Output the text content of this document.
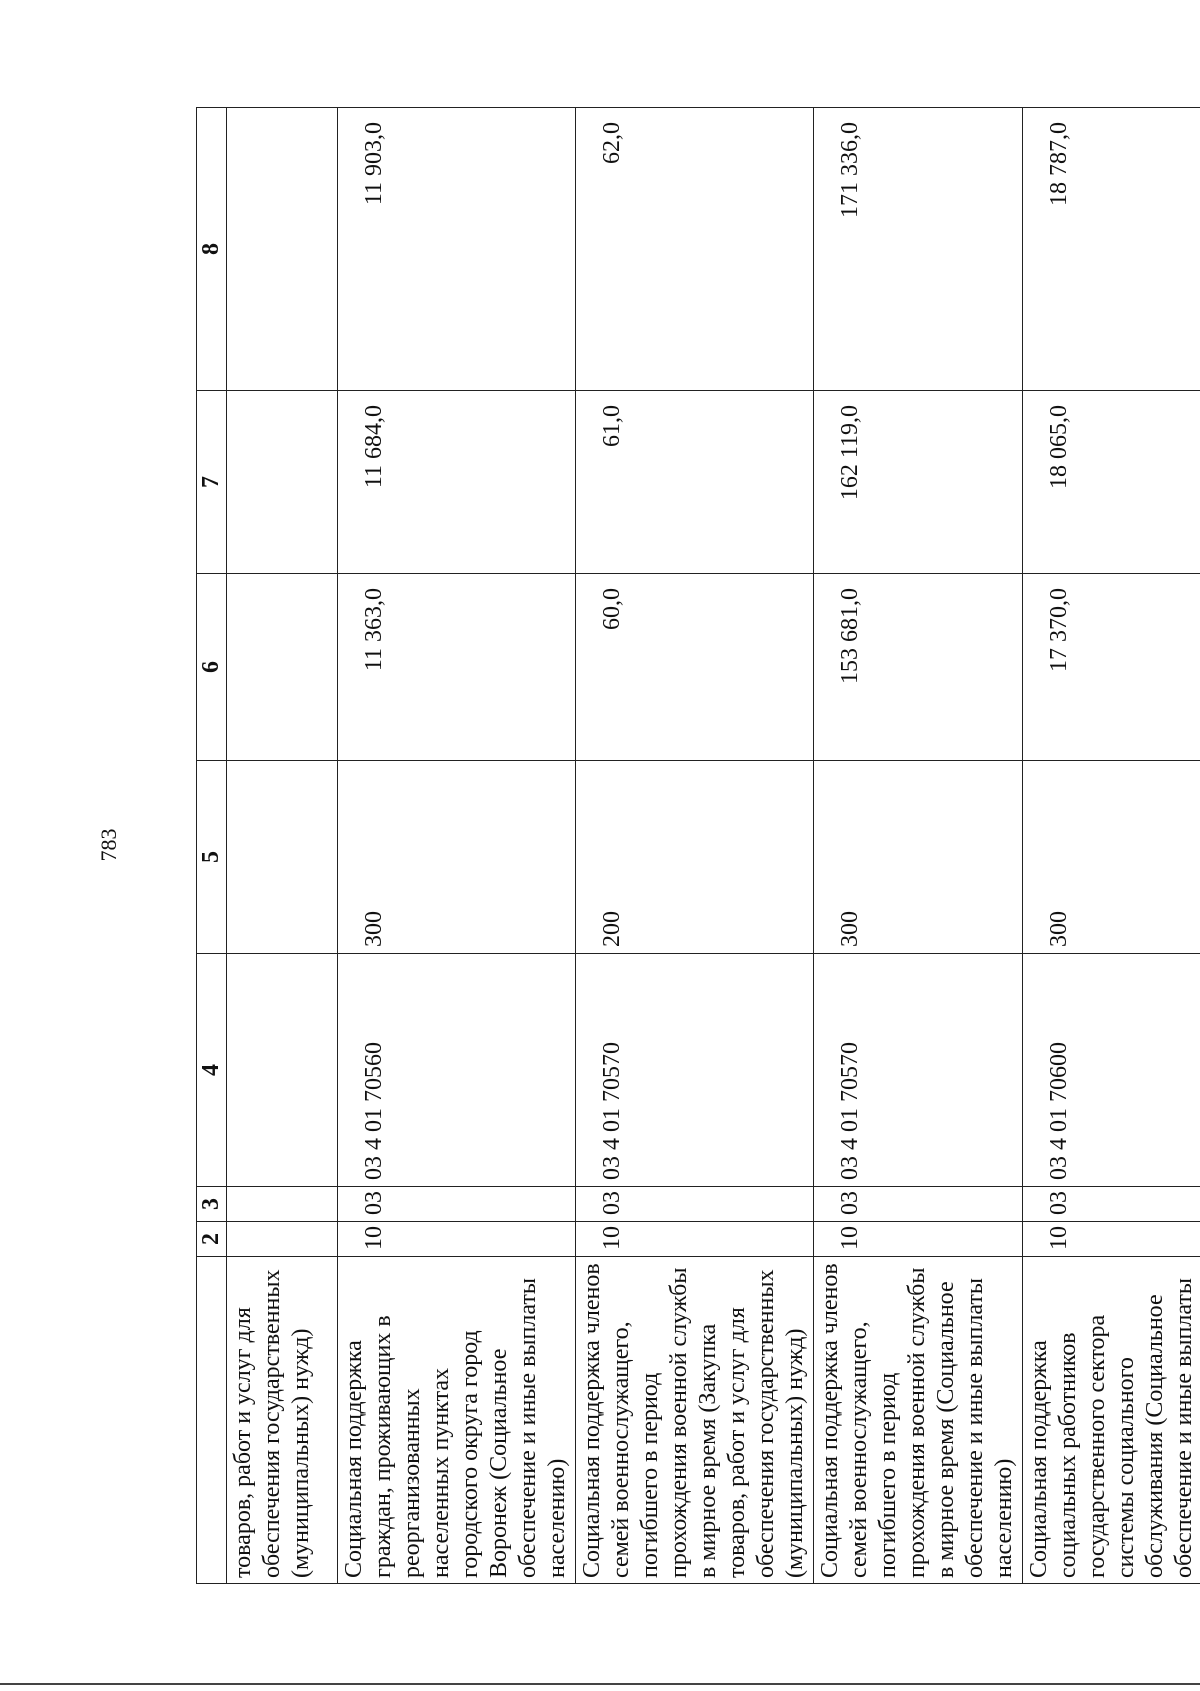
783
	2	3	4	5	6	7	8
товаров, работ и услуг для обеспечения государственных (муниципальных) нужд)							
Социальная поддержка граждан, проживающих в реорганизованных населенных пунктах городского округа город Воронеж (Социальное обеспечение и иные выплаты населению)	10	03	03 4 01 70560	300	11 363,0	11 684,0	11 903,0
Социальная поддержка членов семей военнослужащего, погибшего в период прохождения военной службы в мирное время (Закупка товаров, работ и услуг для обеспечения государственных (муниципальных) нужд)	10	03	03 4 01 70570	200	60,0	61,0	62,0
Социальная поддержка членов семей военнослужащего, погибшего в период прохождения военной службы в мирное время (Социальное обеспечение и иные выплаты населению)	10	03	03 4 01 70570	300	153 681,0	162 119,0	171 336,0
Социальная поддержка социальных работников государственного сектора системы социального обслуживания (Социальное обеспечение и иные выплаты	10	03	03 4 01 70600	300	17 370,0	18 065,0	18 787,0
